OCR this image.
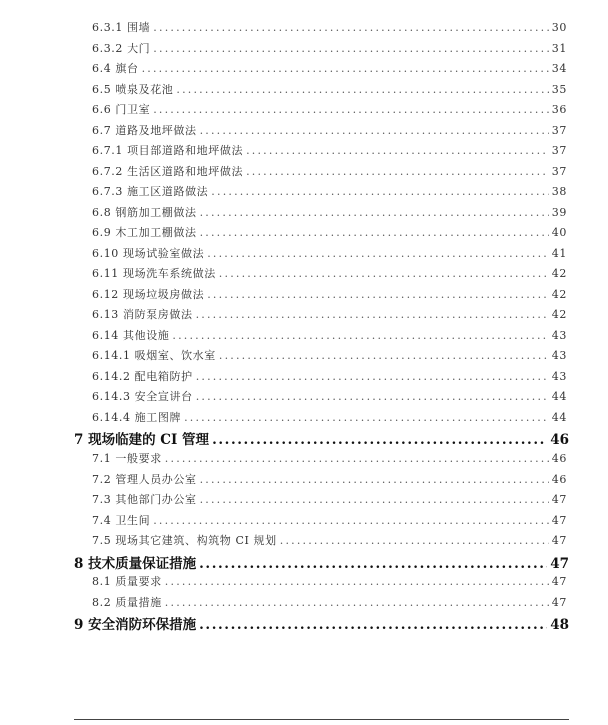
6.3.1 围墙 .....	30
6.3.2 大门 .....	31
6.4 旗台 .....	34
6.5 喷泉及花池 .....	35
6.6 门卫室 .....	36
6.7 道路及地坪做法 .....	37
6.7.1 项目部道路和地坪做法 .....	37
6.7.2 生活区道路和地坪做法 .....	37
6.7.3 施工区道路做法 .....	38
6.8 钢筋加工棚做法 .....	39
6.9 木工加工棚做法 .....	40
6.10 现场试验室做法 .....	41
6.11 现场洗车系统做法 .....	42
6.12 现场垃圾房做法 .....	42
6.13 消防泵房做法 .....	42
6.14 其他设施 .....	43
6.14.1 吸烟室、饮水室 .....	43
6.14.2 配电箱防护 .....	43
6.14.3 安全宣讲台 .....	44
6.14.4 施工图牌 .....	44
7 现场临建的 CI 管理 .....	46
7.1 一般要求 .....	46
7.2 管理人员办公室 .....	46
7.3 其他部门办公室 .....	47
7.4 卫生间 .....	47
7.5 现场其它建筑、构筑物 CI 规划 .....	47
8 技术质量保证措施 .....	47
8.1 质量要求 .....	47
8.2 质量措施 .....	47
9 安全消防环保措施 .....	48
